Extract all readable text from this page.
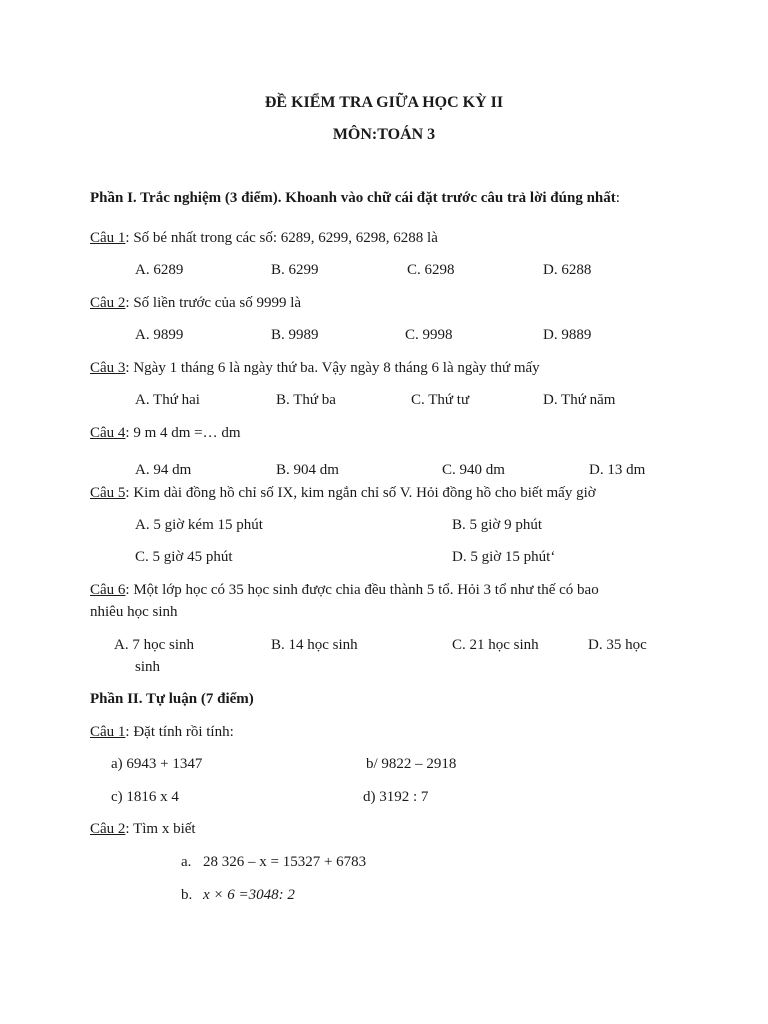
ĐỀ KIỂM TRA GIỮA HỌC KỲ II
MÔN:TOÁN 3
Phần I. Trắc nghiệm (3 điểm). Khoanh vào chữ cái đặt trước câu trả lời đúng nhất:
Câu 1: Số bé nhất trong các số: 6289, 6299, 6298, 6288 là
A. 6289	B. 6299	C. 6298	D. 6288
Câu 2: Số liền trước của số 9999 là
A. 9899	B. 9989	C. 9998	D. 9889
Câu 3: Ngày 1 tháng 6 là ngày thứ ba. Vậy ngày 8 tháng 6 là ngày thứ mấy
A. Thứ hai	B. Thứ ba	C. Thứ tư	D. Thứ năm
Câu 4: 9 m 4 dm =… dm
A. 94 dm	B. 904 dm	C. 940 dm	D. 13 dm
Câu 5: Kim dài đồng hồ chỉ số IX, kim ngắn chỉ số V. Hỏi đồng hồ cho biết mấy giờ
A. 5 giờ kém 15 phút	B. 5 giờ 9 phút
C. 5 giờ 45 phút	D. 5 giờ 15 phút‘
Câu 6: Một lớp học có 35 học sinh được chia đều thành 5 tổ. Hỏi 3 tổ như thế có bao
nhiêu học sinh
A. 7 học sinh	B. 14 học sinh	C. 21 học sinh	D. 35 học
sinh
Phần II. Tự luận (7 điểm)
Câu 1: Đặt tính rồi tính:
a) 6943 + 1347	b/ 9822 – 2918
c) 1816 x 4	d) 3192 : 7
Câu 2: Tìm x biết
a. 28 326 – x = 15327 + 6783
b. x × 6 =3048: 2
